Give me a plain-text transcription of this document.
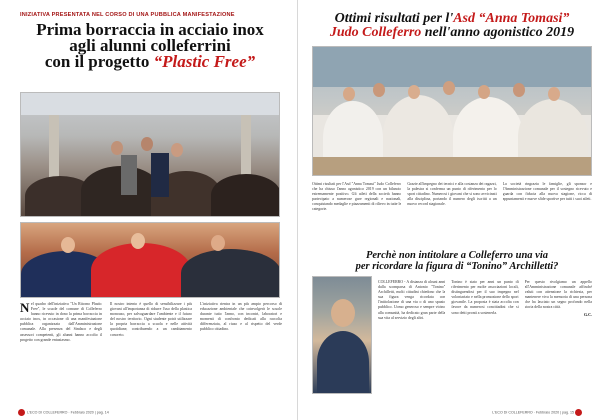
INIZIATIVA PRESENTATA NEL CORSO DI UNA PUBBLICA MANIFESTAZIONE
Prima borraccia in acciaio inox
agli alunni colleferrini
con il progetto “Plastic Free”
N el quadro dell'iniziativa "Un Ritorno Plastic Free", le scuole del comune di Colleferro hanno ricevuto in dono la prima borraccia in acciaio inox, in occasione di una manifestazione pubblica organizzata dall'Amministrazione comunale. Alla presenza del Sindaco e degli assessori competenti, gli alunni hanno accolto il progetto con grande entusiasmo.

Il nostro intento è quello di sensibilizzare i più giovani all'importanza di ridurre l'uso della plastica monouso, per salvaguardare l'ambiente e il futuro del nostro territorio. Ogni studente potrà utilizzare la propria borraccia a scuola e nelle attività quotidiane, contribuendo a un cambiamento concreto.

L'iniziativa rientra in un più ampio percorso di educazione ambientale che coinvolgerà le scuole durante tutto l'anno, con incontri, laboratori e momenti di confronto dedicati alla raccolta differenziata, al riuso e al rispetto del verde pubblico cittadino.

L'ECO DI COLLEFERRO · Febbraio 2020 | pag. 14
Ottimi risultati per l'Asd “Anna Tomasi”
Judo Colleferro nell'anno agonistico 2019

Ottimi risultati per l'Asd "Anna Tomasi" Judo Colleferro che ha chiuso l'anno agonistico 2019 con un bilancio estremamente positivo. Gli atleti della società hanno partecipato a numerose gare regionali e nazionali, conquistando medaglie e piazzamenti di rilievo in tutte le categorie.

Grazie all'impegno dei tecnici e alla costanza dei ragazzi, la palestra si conferma un punto di riferimento per lo sport cittadino. Numerosi i giovani che si sono avvicinati alla disciplina, portando il numero degli iscritti a un nuovo record stagionale.

La società ringrazia le famiglie, gli sponsor e l'Amministrazione comunale per il sostegno ricevuto e guarda con fiducia alla nuova stagione, ricca di appuntamenti e nuove sfide sportive per tutti i suoi atleti.

Perchè non intitolare a Colleferro una via
per ricordare la figura di “Tonino” Archilletti?

COLLEFERRO - A distanza di alcuni anni dalla scomparsa di Antonio "Tonino" Archilletti, molti cittadini chiedono che la sua figura venga ricordata con l'intitolazione di una via o di uno spazio pubblico. Uomo generoso e sempre vicino alla comunità, ha dedicato gran parte della sua vita al servizio degli altri.

Tonino è stato per anni un punto di riferimento per molte associazioni locali, distinguendosi per il suo impegno nel volontariato e nella promozione dello sport giovanile. La proposta è stata accolta con favore da numerosi concittadini che si sono detti pronti a sostenerla.

Per questo rivolgiamo un appello all'Amministrazione comunale affinché valuti con attenzione la richiesta, per mantenere viva la memoria di una persona che ha lasciato un segno profondo nella storia della nostra città.

G.C.

L'ECO DI COLLEFERRO · Febbraio 2020 | pag. 15
